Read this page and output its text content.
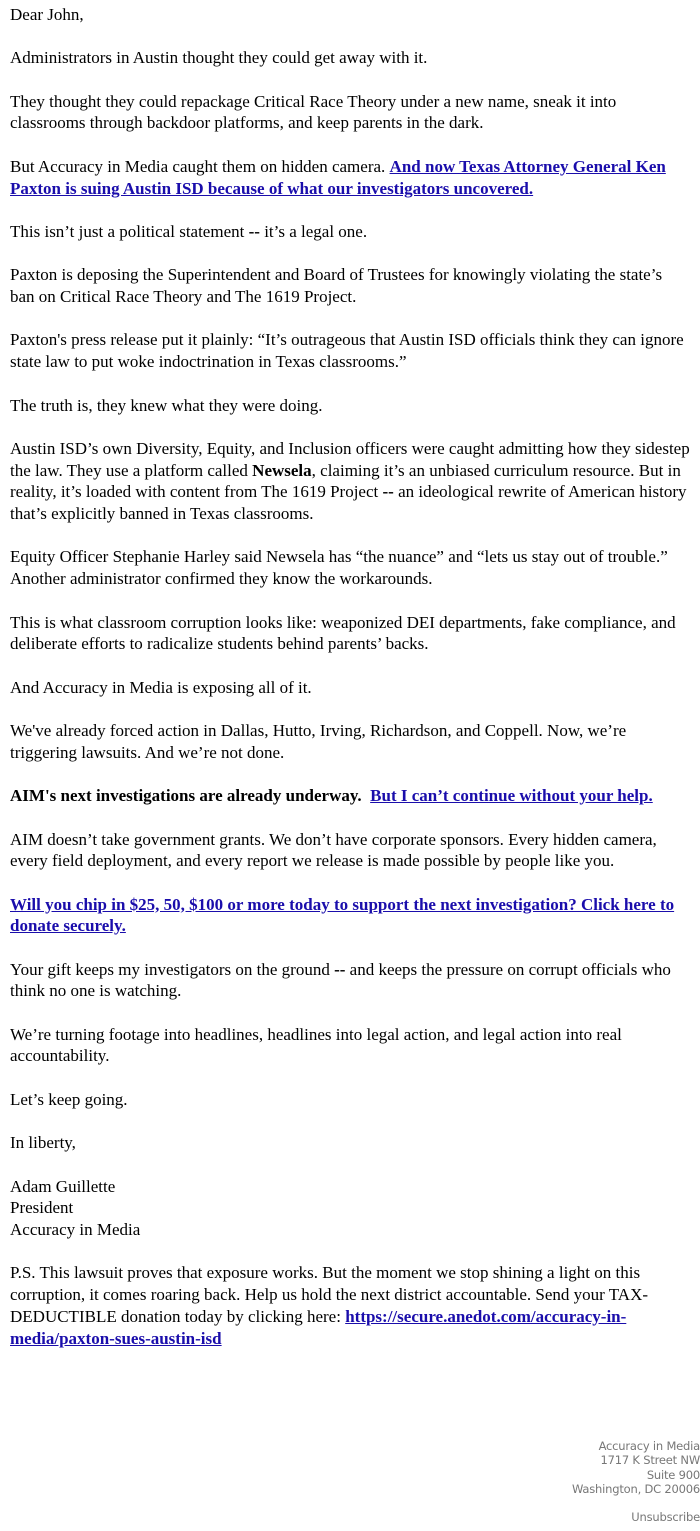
Dear John,

Administrators in Austin thought they could get away with it.

They thought they could repackage Critical Race Theory under a new name, sneak it into classrooms through backdoor platforms, and keep parents in the dark.

But Accuracy in Media caught them on hidden camera. And now Texas Attorney General Ken Paxton is suing Austin ISD because of what our investigators uncovered.

This isn’t just a political statement -- it’s a legal one.

Paxton is deposing the Superintendent and Board of Trustees for knowingly violating the state’s ban on Critical Race Theory and The 1619 Project.

Paxton's press release put it plainly: “It’s outrageous that Austin ISD officials think they can ignore state law to put woke indoctrination in Texas classrooms.”

The truth is, they knew what they were doing.

Austin ISD’s own Diversity, Equity, and Inclusion officers were caught admitting how they sidestep the law. They use a platform called Newsela, claiming it’s an unbiased curriculum resource. But in reality, it’s loaded with content from The 1619 Project -- an ideological rewrite of American history that’s explicitly banned in Texas classrooms.

Equity Officer Stephanie Harley said Newsela has “the nuance” and “lets us stay out of trouble.” Another administrator confirmed they know the workarounds.

This is what classroom corruption looks like: weaponized DEI departments, fake compliance, and deliberate efforts to radicalize students behind parents’ backs.

And Accuracy in Media is exposing all of it.

We've already forced action in Dallas, Hutto, Irving, Richardson, and Coppell. Now, we’re triggering lawsuits. And we’re not done.

AIM's next investigations are already underway. But I can’t continue without your help.

AIM doesn’t take government grants. We don’t have corporate sponsors. Every hidden camera, every field deployment, and every report we release is made possible by people like you.

Will you chip in $25, 50, $100 or more today to support the next investigation? Click here to donate securely.

Your gift keeps my investigators on the ground -- and keeps the pressure on corrupt officials who think no one is watching.

We’re turning footage into headlines, headlines into legal action, and legal action into real accountability.

Let’s keep going.

In liberty,

Adam Guillette
President
Accuracy in Media

P.S. This lawsuit proves that exposure works. But the moment we stop shining a light on this corruption, it comes roaring back. Help us hold the next district accountable. Send your TAX-DEDUCTIBLE donation today by clicking here: https://secure.anedot.com/accuracy-in-media/paxton-sues-austin-isd

Accuracy in Media
1717 K Street NW
Suite 900
Washington, DC 20006
Unsubscribe
